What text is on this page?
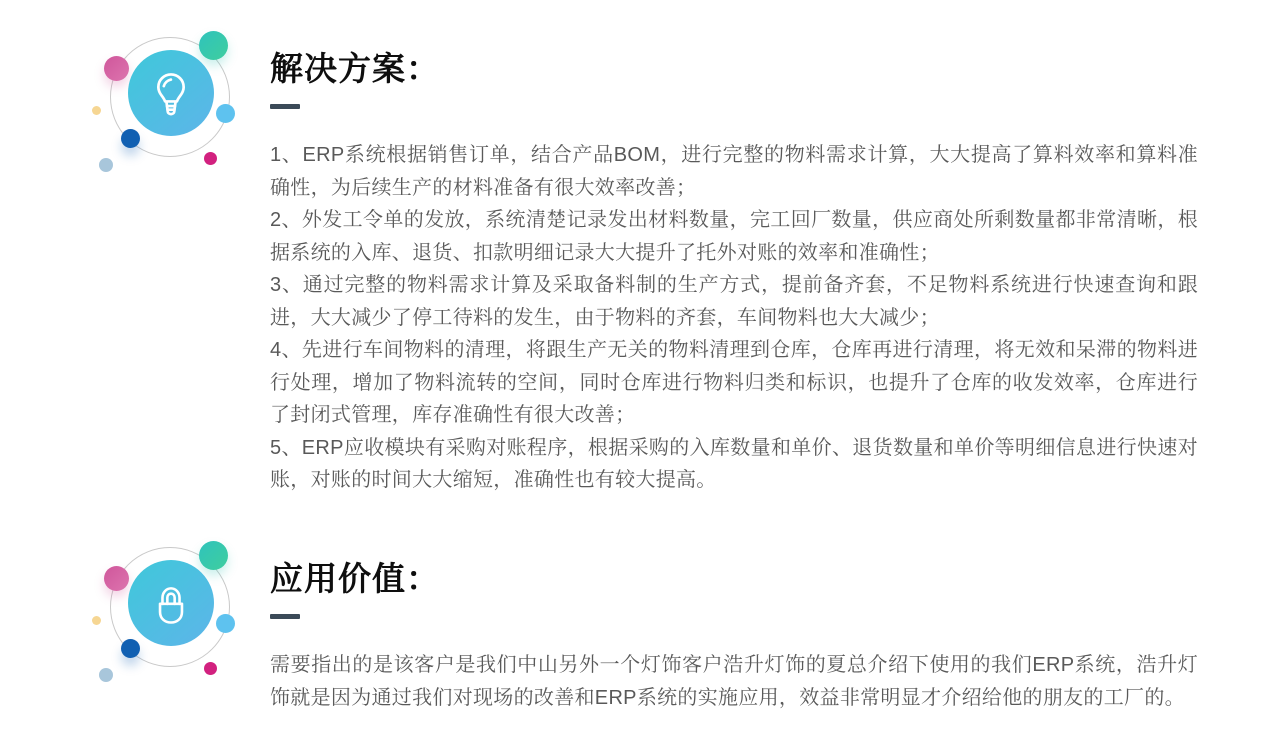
解决方案：

1、ERP系统根据销售订单，结合产品BOM，进行完整的物料需求计算，大大提高了算料效率和算料准确性，为后续生产的材料准备有很大效率改善；

2、外发工令单的发放，系统清楚记录发出材料数量，完工回厂数量，供应商处所剩数量都非常清晰，根据系统的入库、退货、扣款明细记录大大提升了托外对账的效率和准确性；

3、通过完整的物料需求计算及采取备料制的生产方式，提前备齐套，不足物料系统进行快速查询和跟进，大大减少了停工待料的发生，由于物料的齐套，车间物料也大大减少；

4、先进行车间物料的清理，将跟生产无关的物料清理到仓库，仓库再进行清理，将无效和呆滞的物料进行处理，增加了物料流转的空间，同时仓库进行物料归类和标识，也提升了仓库的收发效率，仓库进行了封闭式管理，库存准确性有很大改善；

5、ERP应收模块有采购对账程序，根据采购的入库数量和单价、退货数量和单价等明细信息进行快速对账，对账的时间大大缩短，准确性也有较大提高。

应用价值：

需要指出的是该客户是我们中山另外一个灯饰客户浩升灯饰的夏总介绍下使用的我们ERP系统，浩升灯饰就是因为通过我们对现场的改善和ERP系统的实施应用，效益非常明显才介绍给他的朋友的工厂的。
